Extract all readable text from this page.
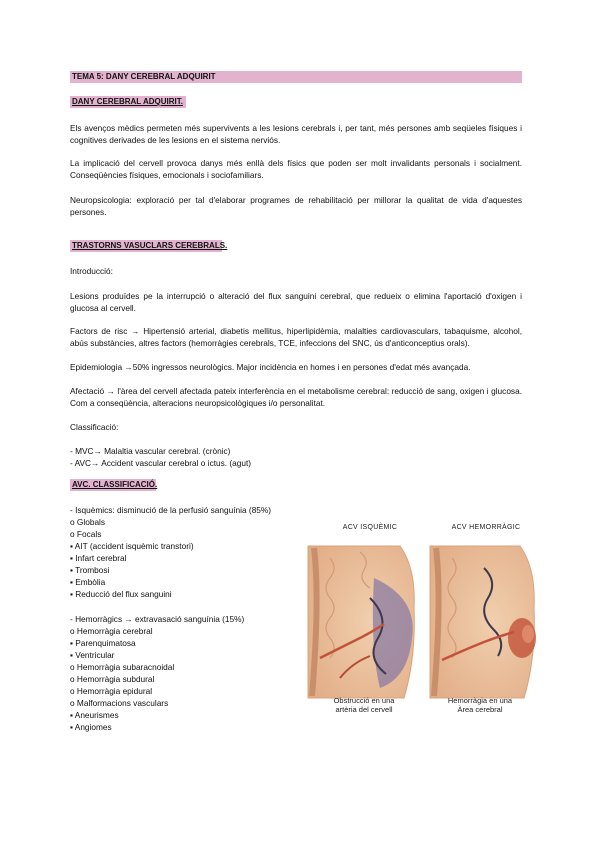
TEMA 5: DANY CEREBRAL ADQUIRIT
DANY CEREBRAL ADQUIRIT.
Els avenços mèdics permeten més supervivents a les lesions cerebrals i, per tant, més persones amb seqüeles físiques i cognitives derivades de les lesions en el sistema nerviós.
La implicació del cervell provoca danys més enllà dels físics que poden ser molt invalidants personals i socialment. Conseqüències físiques, emocionals i sociofamiliars.
Neuropsicologia: exploració per tal d'elaborar programes de rehabilitació per millorar la qualitat de vida d'aquestes persones.
TRASTORNS VASUCLARS CEREBRALS.
Introducció:
Lesions produïdes pe la interrupció o alteració del flux sanguini cerebral, que redueix o elimina l'aportació d'oxigen i glucosa al cervell.
Factors de risc → Hipertensió arterial, diabetis mellitus, hiperlipidèmia, malalties cardiovasculars, tabaquisme, alcohol, abús substàncies, altres factors (hemorràgies cerebrals, TCE, infeccions del SNC, ús d'anticonceptius orals).
Epidemiologia →50% ingressos neurològics. Major incidència en homes i en persones d'edat més avançada.
Afectació → l'àrea del cervell afectada pateix interferència en el metabolisme cerebral: reducció de sang, oxigen i glucosa. Com a conseqüència, alteracions neuropsicològiques i/o personalitat.
Classificació:
- MVC→ Malaltia vascular cerebral. (crònic)
- AVC→ Accident vascular cerebral o ictus. (agut)
AVC. CLASSIFICACIÓ.
- Isquèmics: disminució de la perfusió sanguínia (85%)
o Globals
o Focals
▪ AIT (accident isquèmic transtori)
▪ Infart cerebral
▪ Trombosi
▪ Embòlia
▪ Reducció del flux sanguini
- Hemorràgics → extravasació sanguínia (15%)
o Hemorràgia cerebral
▪ Parenquimatosa
▪ Ventricular
o Hemorràgia subaracnoidal
o Hemorràgia subdural
o Hemorràgia epidural
o Malformacions vasculars
▪ Aneurismes
▪ Angiomes
ACV ISQUÈMIC	ACV HEMORRÀGIC
Obstrucció en una
artèria del cervell
Hemorràgia en una
Àrea cerebral
